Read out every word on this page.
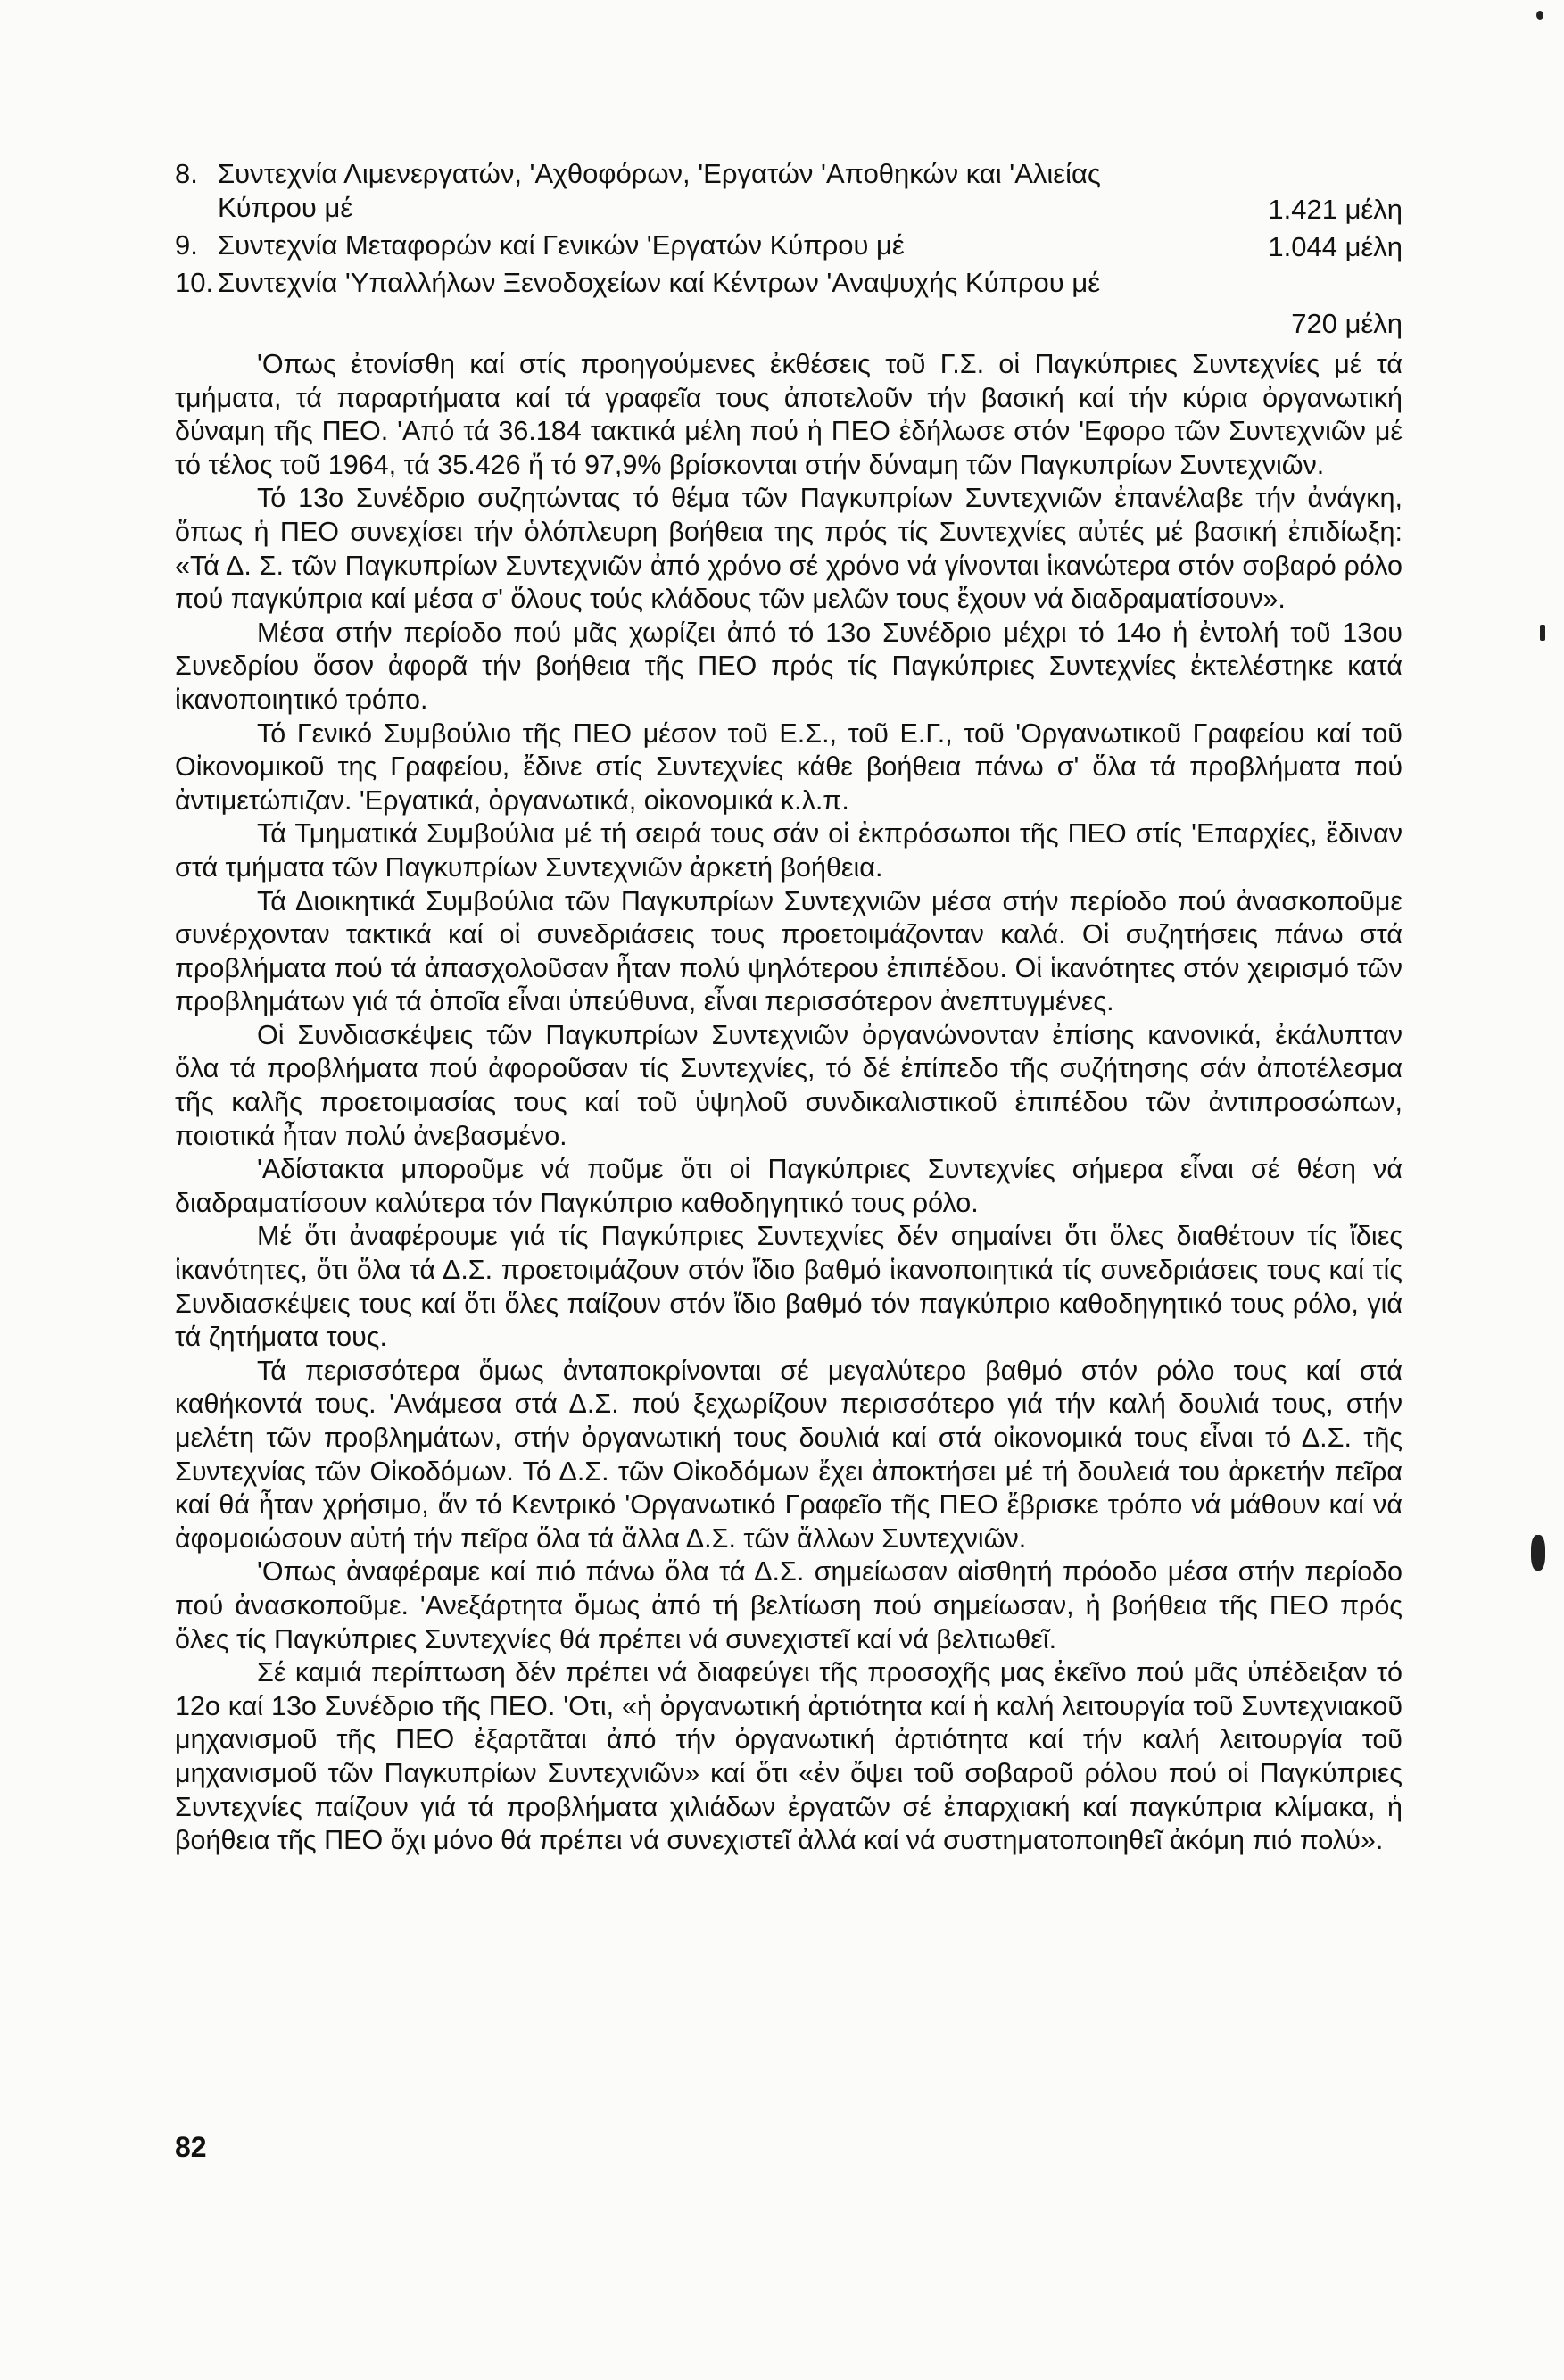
8. Συντεχνία Λιμενεργατών, 'Αχθοφόρων, 'Εργατών 'Αποθηκών και 'Αλιείας Κύπρου μέ	1.421 μέλη
9. Συντεχνία Μεταφορών καί Γενικών 'Εργατών Κύπρου μέ	1.044 μέλη
10. Συντεχνία 'Υπαλλήλων Ξενοδοχείων καί Κέντρων 'Αναψυχής Κύπρου μέ
720 μέλη

'Οπως ἐτονίσθη καί στίς προηγούμενες ἐκθέσεις τοῦ Γ.Σ. οἱ Παγκύπριες Συντεχνίες μέ τά τμήματα, τά παραρτήματα καί τά γραφεῖα τους ἀποτελοῦν τήν βασική καί τήν κύρια ὀργανωτική δύναμη τῆς ΠΕΟ. 'Από τά 36.184 τακτικά μέλη πού ἡ ΠΕΟ ἐδήλωσε στόν 'Εφορο τῶν Συντεχνιῶν μέ τό τέλος τοῦ 1964, τά 35.426 ἤ τό 97,9% βρίσκονται στήν δύναμη τῶν Παγκυπρίων Συντεχνιῶν.

Τό 13ο Συνέδριο συζητώντας τό θέμα τῶν Παγκυπρίων Συντεχνιῶν ἐπανέλαβε τήν ἀνάγκη, ὅπως ἡ ΠΕΟ συνεχίσει τήν ὁλόπλευρη βοήθεια της πρός τίς Συντεχνίες αὐτές μέ βασική ἐπιδίωξη: «Τά Δ. Σ. τῶν Παγκυπρίων Συντεχνιῶν ἀπό χρόνο σέ χρόνο νά γίνονται ἱκανώτερα στόν σοβαρό ρόλο πού παγκύπρια καί μέσα σ' ὅλους τούς κλάδους τῶν μελῶν τους ἔχουν νά διαδραματίσουν».

Μέσα στήν περίοδο πού μᾶς χωρίζει ἀπό τό 13ο Συνέδριο μέχρι τό 14ο ἡ ἐντολή τοῦ 13ου Συνεδρίου ὅσον ἀφορᾶ τήν βοήθεια τῆς ΠΕΟ πρός τίς Παγκύπριες Συντεχνίες ἐκτελέστηκε κατά ἱκανοποιητικό τρόπο.

Τό Γενικό Συμβούλιο τῆς ΠΕΟ μέσον τοῦ Ε.Σ., τοῦ Ε.Γ., τοῦ 'Οργανωτικοῦ Γραφείου καί τοῦ Οἰκονομικοῦ της Γραφείου, ἔδινε στίς Συντεχνίες κάθε βοήθεια πάνω σ' ὅλα τά προβλήματα πού ἀντιμετώπιζαν. 'Εργατικά, ὀργανωτικά, οἰκονομικά κ.λ.π.

Τά Τμηματικά Συμβούλια μέ τή σειρά τους σάν οἱ ἐκπρόσωποι τῆς ΠΕΟ στίς 'Επαρχίες, ἔδιναν στά τμήματα τῶν Παγκυπρίων Συντεχνιῶν ἀρκετή βοήθεια.

Τά Διοικητικά Συμβούλια τῶν Παγκυπρίων Συντεχνιῶν μέσα στήν περίοδο πού ἀνασκοποῦμε συνέρχονταν τακτικά καί οἱ συνεδριάσεις τους προετοιμάζονταν καλά. Οἱ συζητήσεις πάνω στά προβλήματα πού τά ἀπασχολοῦσαν ἦταν πολύ ψηλότερου ἐπιπέδου. Οἱ ἱκανότητες στόν χειρισμό τῶν προβλημάτων γιά τά ὁποῖα εἶναι ὑπεύθυνα, εἶναι περισσότερον ἀνεπτυγμένες.

Οἱ Συνδιασκέψεις τῶν Παγκυπρίων Συντεχνιῶν ὀργανώνονταν ἐπίσης κανονικά, ἐκάλυπταν ὅλα τά προβλήματα πού ἀφοροῦσαν τίς Συντεχνίες, τό δέ ἐπίπεδο τῆς συζήτησης σάν ἀποτέλεσμα τῆς καλῆς προετοιμασίας τους καί τοῦ ὑψηλοῦ συνδικαλιστικοῦ ἐπιπέδου τῶν ἀντιπροσώπων, ποιοτικά ἦταν πολύ ἀνεβασμένο.

'Αδίστακτα μποροῦμε νά ποῦμε ὅτι οἱ Παγκύπριες Συντεχνίες σήμερα εἶναι σέ θέση νά διαδραματίσουν καλύτερα τόν Παγκύπριο καθοδηγητικό τους ρόλο.

Μέ ὅτι ἀναφέρουμε γιά τίς Παγκύπριες Συντεχνίες δέν σημαίνει ὅτι ὅλες διαθέτουν τίς ἴδιες ἱκανότητες, ὅτι ὅλα τά Δ.Σ. προετοιμάζουν στόν ἴδιο βαθμό ἱκανοποιητικά τίς συνεδριάσεις τους καί τίς Συνδιασκέψεις τους καί ὅτι ὅλες παίζουν στόν ἴδιο βαθμό τόν παγκύπριο καθοδηγητικό τους ρόλο, γιά τά ζητήματα τους.

Τά περισσότερα ὅμως ἀνταποκρίνονται σέ μεγαλύτερο βαθμό στόν ρόλο τους καί στά καθήκοντά τους. 'Ανάμεσα στά Δ.Σ. πού ξεχωρίζουν περισσότερο γιά τήν καλή δουλιά τους, στήν μελέτη τῶν προβλημάτων, στήν ὀργανωτική τους δουλιά καί στά οἰκονομικά τους εἶναι τό Δ.Σ. τῆς Συντεχνίας τῶν Οἰκοδόμων. Τό Δ.Σ. τῶν Οἰκοδόμων ἔχει ἀποκτήσει μέ τή δουλειά του ἀρκετήν πεῖρα καί θά ἦταν χρήσιμο, ἄν τό Κεντρικό 'Οργανωτικό Γραφεῖο τῆς ΠΕΟ ἔβρισκε τρόπο νά μάθουν καί νά ἀφομοιώσουν αὐτή τήν πεῖρα ὅλα τά ἄλλα Δ.Σ. τῶν ἄλλων Συντεχνιῶν.

'Οπως ἀναφέραμε καί πιό πάνω ὅλα τά Δ.Σ. σημείωσαν αἰσθητή πρόοδο μέσα στήν περίοδο πού ἀνασκοποῦμε. 'Ανεξάρτητα ὅμως ἀπό τή βελτίωση πού σημείωσαν, ἡ βοήθεια τῆς ΠΕΟ πρός ὅλες τίς Παγκύπριες Συντεχνίες θά πρέπει νά συνεχιστεῖ καί νά βελτιωθεῖ.

Σέ καμιά περίπτωση δέν πρέπει νά διαφεύγει τῆς προσοχῆς μας ἐκεῖνο πού μᾶς ὑπέδειξαν τό 12ο καί 13ο Συνέδριο τῆς ΠΕΟ. 'Οτι, «ἡ ὀργανωτική ἀρτιότητα καί ἡ καλή λειτουργία τοῦ Συντεχνιακοῦ μηχανισμοῦ τῆς ΠΕΟ ἐξαρτᾶται ἀπό τήν ὀργανωτική ἀρτιότητα καί τήν καλή λειτουργία τοῦ μηχανισμοῦ τῶν Παγκυπρίων Συντεχνιῶν» καί ὅτι «ἐν ὄψει τοῦ σοβαροῦ ρόλου πού οἱ Παγκύπριες Συντεχνίες παίζουν γιά τά προβλήματα χιλιάδων ἐργατῶν σέ ἐπαρχιακή καί παγκύπρια κλίμακα, ἡ βοήθεια τῆς ΠΕΟ ὄχι μόνο θά πρέπει νά συνεχιστεῖ ἀλλά καί νά συστηματοποιηθεῖ ἀκόμη πιό πολύ».

82
